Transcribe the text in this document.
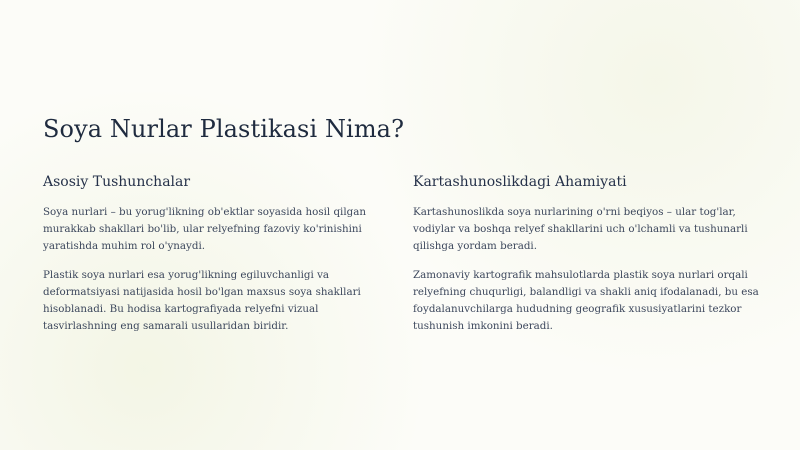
Soya Nurlar Plastikasi Nima?
Asosiy Tushunchalar

Soya nurlari – bu yorug'likning ob'ektlar soyasida hosil qilgan murakkab shakllari bo'lib, ular relyefning fazoviy ko'rinishini yaratishda muhim rol o'ynaydi.

Plastik soya nurlari esa yorug'likning egiluvchanligi va deformatsiyasi natijasida hosil bo'lgan maxsus soya shakllari hisoblanadi. Bu hodisa kartografiyada relyefni vizual tasvirlashning eng samarali usullaridan biridir.

Kartashunoslikdagi Ahamiyati

Kartashunoslikda soya nurlarining o'rni beqiyos – ular tog'lar, vodiylar va boshqa relyef shakllarini uch o'lchamli va tushunarli qilishga yordam beradi.

Zamonaviy kartografik mahsulotlarda plastik soya nurlari orqali relyefning chuqurligi, balandligi va shakli aniq ifodalanadi, bu esa foydalanuvchilarga hududning geografik xususiyatlarini tezkor tushunish imkonini beradi.
